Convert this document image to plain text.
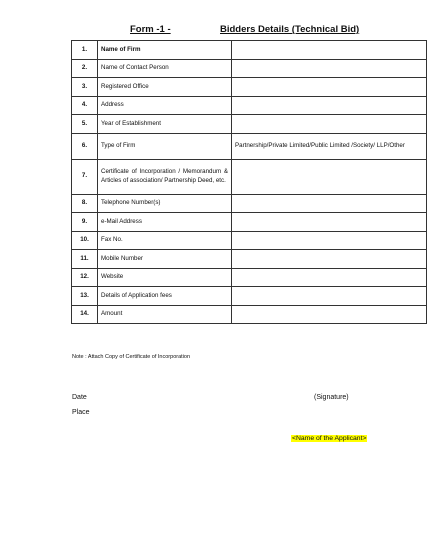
Form -1 -	Bidders Details (Technical Bid)
1.	Name of Firm	
2.	Name of Contact Person	
3.	Registered Office	
4.	Address	
5.	Year of Establishment	
6.	Type of Firm	Partnership/Private Limited/Public Limited /Society/ LLP/Other
7.	Certificate of Incorporation / Memorandum & Articles of association/ Partnership Deed, etc.	
8.	Telephone Number(s)	
9.	e-Mail Address	
10.	Fax No.	
11.	Mobile Number	
12.	Website	
13.	Details of Application fees	
14.	Amount	
Note : Attach Copy of Certificate of Incorporation
Date	(Signature)
Place
<Name of the Applicant>
